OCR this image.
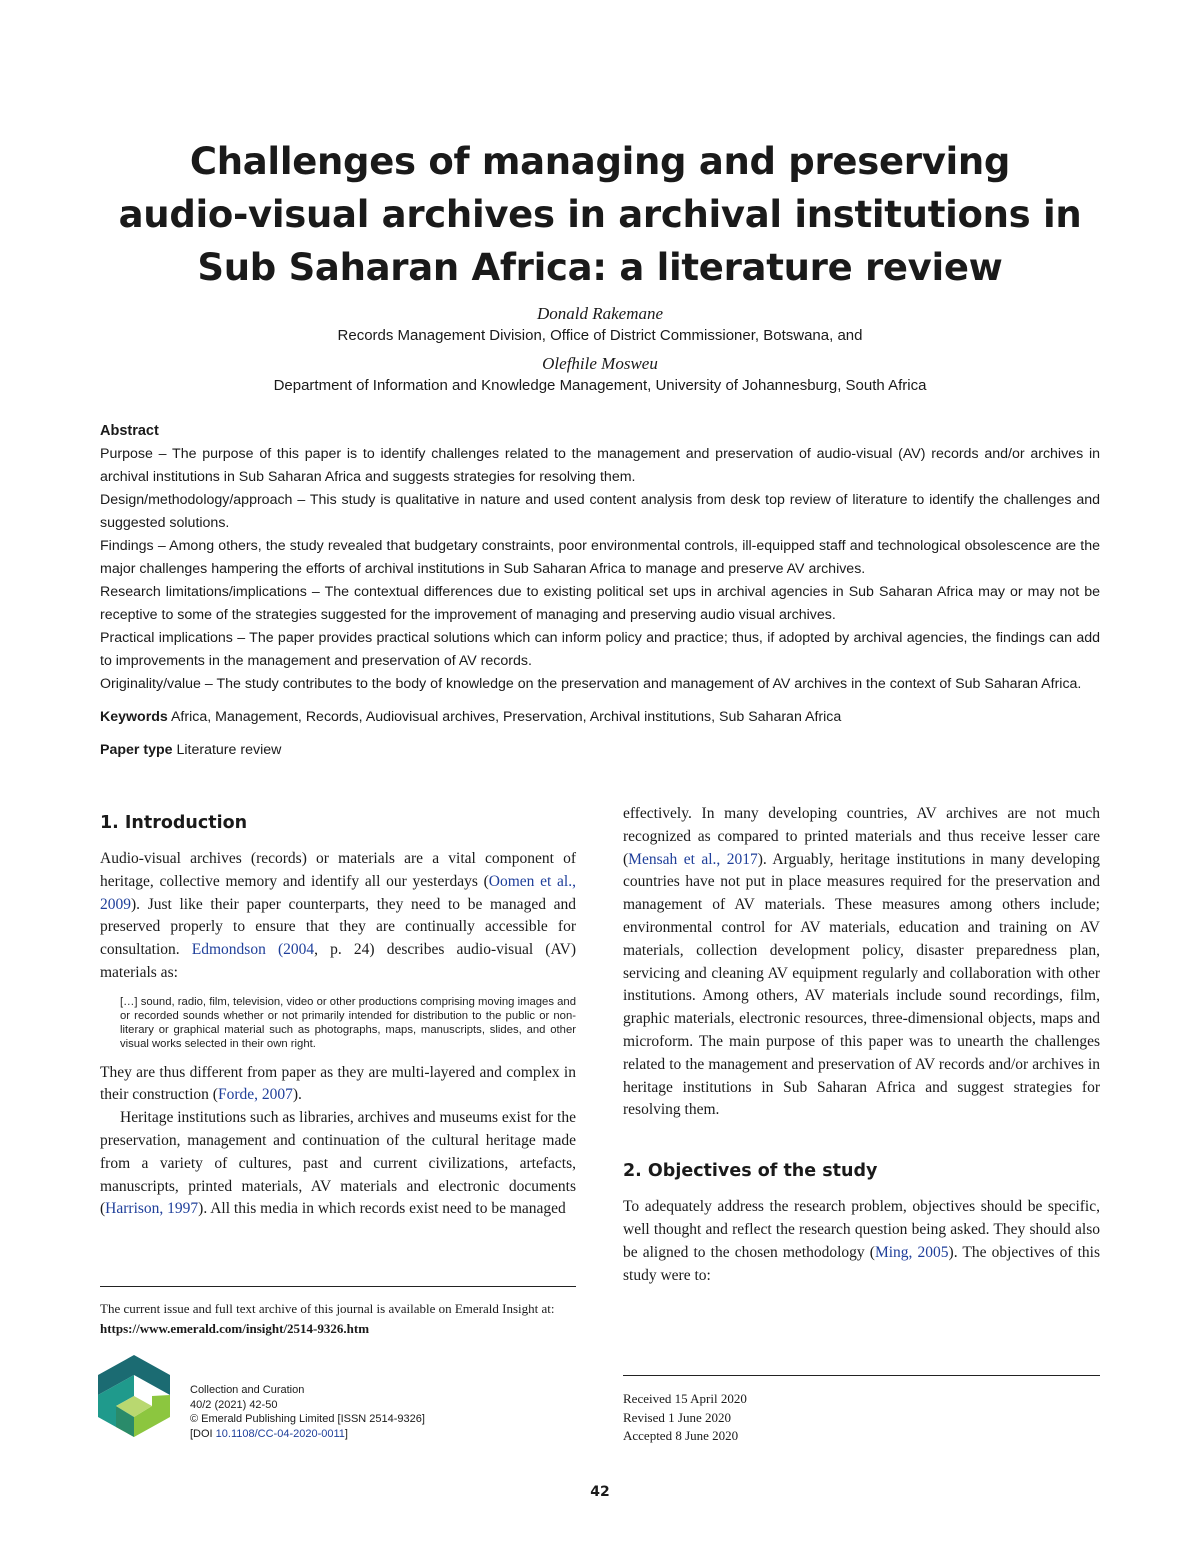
Challenges of managing and preserving
audio-visual archives in archival institutions in
Sub Saharan Africa: a literature review
Donald Rakemane
Records Management Division, Office of District Commissioner, Botswana, and
Olefhile Mosweu
Department of Information and Knowledge Management, University of Johannesburg, South Africa
Abstract

Purpose – The purpose of this paper is to identify challenges related to the management and preservation of audio-visual (AV) records and/or archives in archival institutions in Sub Saharan Africa and suggests strategies for resolving them.

Design/methodology/approach – This study is qualitative in nature and used content analysis from desk top review of literature to identify the challenges and suggested solutions.

Findings – Among others, the study revealed that budgetary constraints, poor environmental controls, ill-equipped staff and technological obsolescence are the major challenges hampering the efforts of archival institutions in Sub Saharan Africa to manage and preserve AV archives.

Research limitations/implications – The contextual differences due to existing political set ups in archival agencies in Sub Saharan Africa may or may not be receptive to some of the strategies suggested for the improvement of managing and preserving audio visual archives.

Practical implications – The paper provides practical solutions which can inform policy and practice; thus, if adopted by archival agencies, the findings can add to improvements in the management and preservation of AV records.

Originality/value – The study contributes to the body of knowledge on the preservation and management of AV archives in the context of Sub Saharan Africa.

Keywords Africa, Management, Records, Audiovisual archives, Preservation, Archival institutions, Sub Saharan Africa

Paper type Literature review

1. Introduction

Audio-visual archives (records) or materials are a vital component of heritage, collective memory and identify all our yesterdays (Oomen et al., 2009). Just like their paper counterparts, they need to be managed and preserved properly to ensure that they are continually accessible for consultation. Edmondson (2004, p. 24) describes audio-visual (AV) materials as:

[…] sound, radio, film, television, video or other productions comprising moving images and or recorded sounds whether or not primarily intended for distribution to the public or non-literary or graphical material such as photographs, maps, manuscripts, slides, and other visual works selected in their own right.

They are thus different from paper as they are multi-layered and complex in their construction (Forde, 2007).

Heritage institutions such as libraries, archives and museums exist for the preservation, management and continuation of the cultural heritage made from a variety of cultures, past and current civilizations, artefacts, manuscripts, printed materials, AV materials and electronic documents (Harrison, 1997). All this media in which records exist need to be managed

effectively. In many developing countries, AV archives are not much recognized as compared to printed materials and thus receive lesser care (Mensah et al., 2017). Arguably, heritage institutions in many developing countries have not put in place measures required for the preservation and management of AV materials. These measures among others include; environmental control for AV materials, education and training on AV materials, collection development policy, disaster preparedness plan, servicing and cleaning AV equipment regularly and collaboration with other institutions. Among others, AV materials include sound recordings, film, graphic materials, electronic resources, three-dimensional objects, maps and microform. The main purpose of this paper was to unearth the challenges related to the management and preservation of AV records and/or archives in heritage institutions in Sub Saharan Africa and suggest strategies for resolving them.

2. Objectives of the study

To adequately address the research problem, objectives should be specific, well thought and reflect the research question being asked. They should also be aligned to the chosen methodology (Ming, 2005). The objectives of this study were to:

The current issue and full text archive of this journal is available on Emerald Insight at: https://www.emerald.com/insight/2514-9326.htm
Collection and Curation
40/2 (2021) 42-50
© Emerald Publishing Limited [ISSN 2514-9326]
[DOI 10.1108/CC-04-2020-0011]
Received 15 April 2020
Revised 1 June 2020
Accepted 8 June 2020
42
